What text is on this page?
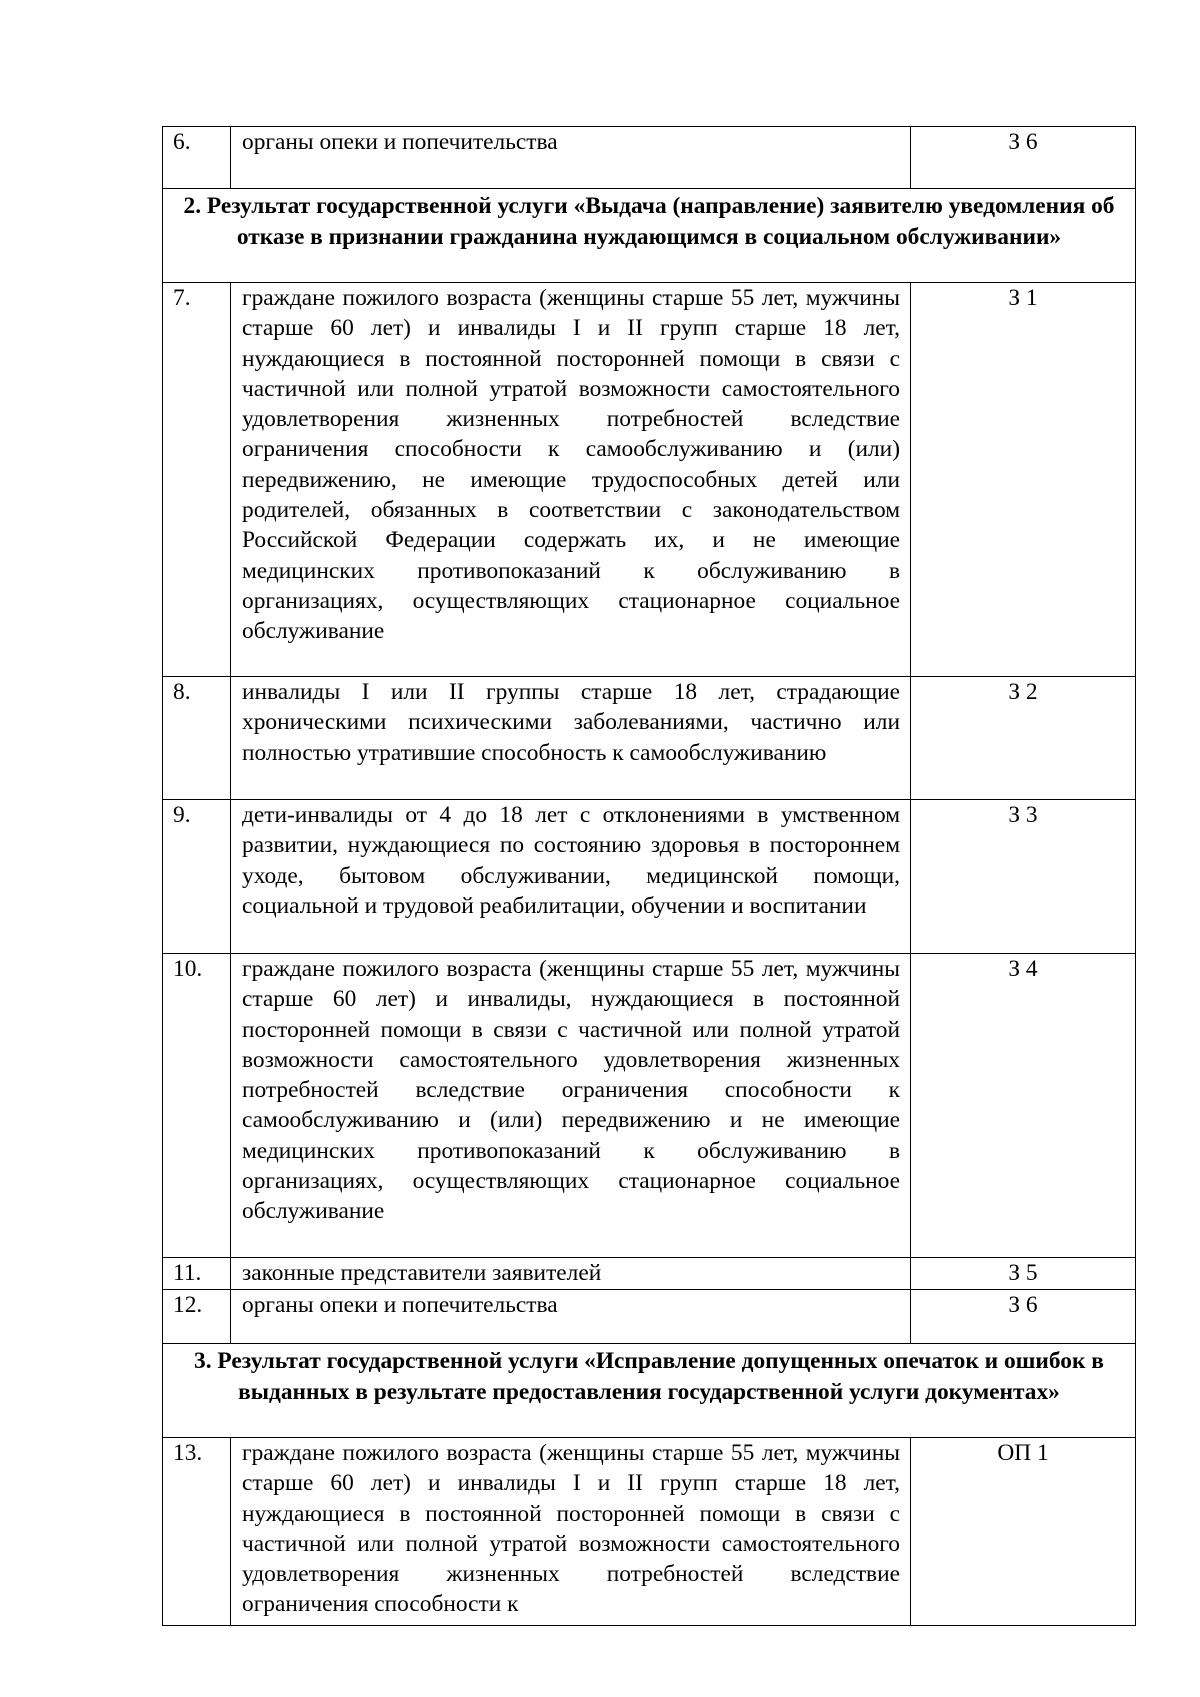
6.	органы опеки и попечительства	З 6
2. Результат государственной услуги «Выдача (направление) заявителю уведомления об отказе в признании гражданина нуждающимся в социальном обслуживании»		
7.	граждане пожилого возраста (женщины старше 55 лет, мужчины старше 60 лет) и инвалиды I и II групп старше 18 лет, нуждающиеся в постоянной посторонней помощи в связи с частичной или полной утратой возможности самостоятельного удовлетворения жизненных потребностей вследствие ограничения способности к самообслуживанию и (или) передвижению, не имеющие трудоспособных детей или родителей, обязанных в соответствии с законодательством Российской Федерации содержать их, и не имеющие медицинских противопоказаний к обслуживанию в организациях, осуществляющих стационарное социальное обслуживание	З 1
8.	инвалиды I или II группы старше 18 лет, страдающие хроническими психическими заболеваниями, частично или полностью утратившие способность к самообслуживанию	З 2
9.	дети-инвалиды от 4 до 18 лет с отклонениями в умственном развитии, нуждающиеся по состоянию здоровья в постороннем уходе, бытовом обслуживании, медицинской помощи, социальной и трудовой реабилитации, обучении и воспитании	З 3
10.	граждане пожилого возраста (женщины старше 55 лет, мужчины старше 60 лет) и инвалиды, нуждающиеся в постоянной посторонней помощи в связи с частичной или полной утратой возможности самостоятельного удовлетворения жизненных потребностей вследствие ограничения способности к самообслуживанию и (или) передвижению и не имеющие медицинских противопоказаний к обслуживанию в организациях, осуществляющих стационарное социальное обслуживание	З 4
11.	законные представители заявителей	З 5
12.	органы опеки и попечительства	З 6
3. Результат государственной услуги «Исправление допущенных опечаток и ошибок в выданных в результате предоставления государственной услуги документах»		
13.	граждане пожилого возраста (женщины старше 55 лет, мужчины старше 60 лет) и инвалиды I и II групп старше 18 лет, нуждающиеся в постоянной посторонней помощи в связи с частичной или полной утратой возможности самостоятельного удовлетворения жизненных потребностей вследствие ограничения способности к	ОП 1
